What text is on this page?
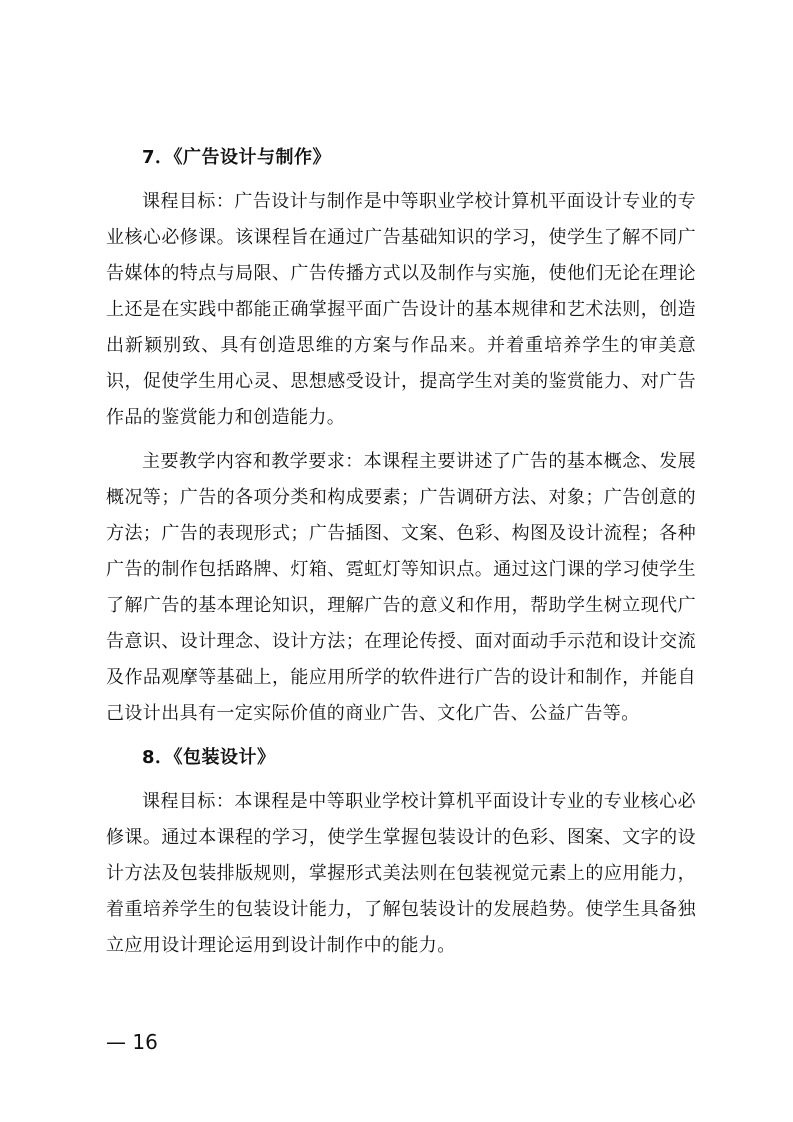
7．《广告设计与制作》

课程目标：广告设计与制作是中等职业学校计算机平面设计专业的专业核心必修课。该课程旨在通过广告基础知识的学习，使学生了解不同广告媒体的特点与局限、广告传播方式以及制作与实施，使他们无论在理论上还是在实践中都能正确掌握平面广告设计的基本规律和艺术法则，创造出新颖别致、具有创造思维的方案与作品来。并着重培养学生的审美意识，促使学生用心灵、思想感受设计，提高学生对美的鉴赏能力、对广告作品的鉴赏能力和创造能力。

主要教学内容和教学要求：本课程主要讲述了广告的基本概念、发展概况等；广告的各项分类和构成要素；广告调研方法、对象；广告创意的方法；广告的表现形式；广告插图、文案、色彩、构图及设计流程；各种广告的制作包括路牌、灯箱、霓虹灯等知识点。通过这门课的学习使学生了解广告的基本理论知识，理解广告的意义和作用，帮助学生树立现代广告意识、设计理念、设计方法；在理论传授、面对面动手示范和设计交流及作品观摩等基础上，能应用所学的软件进行广告的设计和制作，并能自己设计出具有一定实际价值的商业广告、文化广告、公益广告等。

8．《包装设计》

课程目标：本课程是中等职业学校计算机平面设计专业的专业核心必修课。通过本课程的学习，使学生掌握包装设计的色彩、图案、文字的设计方法及包装排版规则，掌握形式美法则在包装视觉元素上的应用能力，着重培养学生的包装设计能力，了解包装设计的发展趋势。使学生具备独立应用设计理论运用到设计制作中的能力。

— 16
